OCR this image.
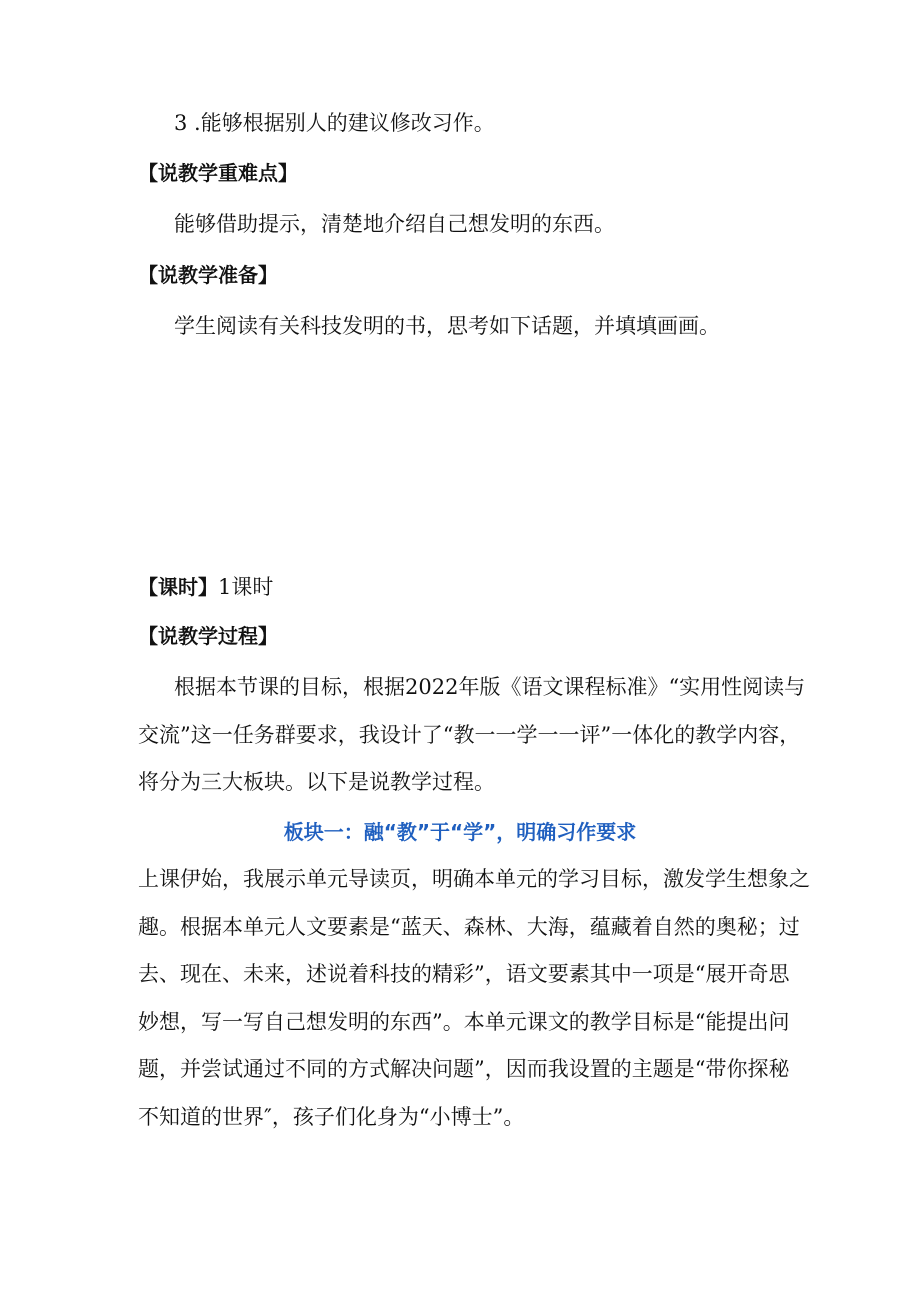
3 .能够根据别人的建议修改习作。
【说教学重难点】
能够借助提示，清楚地介绍自己想发明的东西。
【说教学准备】
学生阅读有关科技发明的书，思考如下话题，并填填画画。
【课时】1课时
【说教学过程】
根据本节课的目标，根据2022年版《语文课程标准》“实用性阅读与
交流”这一任务群要求，我设计了“教一一学一一评”一体化的教学内容，
将分为三大板块。以下是说教学过程。
板块一：融“教”于“学”，明确习作要求
上课伊始，我展示单元导读页，明确本单元的学习目标，激发学生想象之
趣。根据本单元人文要素是“蓝天、森林、大海，蕴藏着自然的奥秘；过
去、现在、未来，述说着科技的精彩”，语文要素其中一项是“展开奇思
妙想，写一写自己想发明的东西”。本单元课文的教学目标是“能提出问
题，并尝试通过不同的方式解决问题”，因而我设置的主题是“带你探秘
不知道的世界″，孩子们化身为“小博士”。
